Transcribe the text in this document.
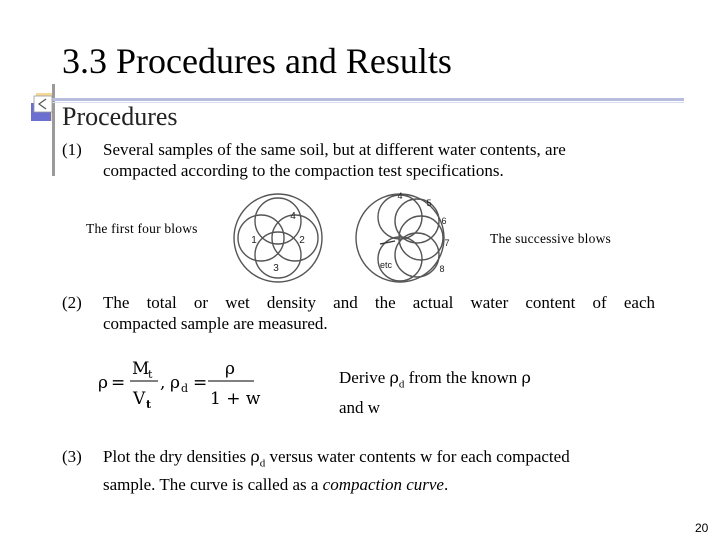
3.3 Procedures and Results
Procedures
(1) Several samples of the same soil, but at different water contents, are
compacted according to the compaction test specifications.
The first four blows
The successive blows
1	2
3
4
4
5
6
7
8
etc
(2) The total or wet density and the actual water content of each
compacted sample are measured.
ρ =
M
t
V t
, ρ d =
ρ
1 + w
Derive $\rho_d$ from the known ρ
and w
(3) Plot the dry densities $\rho_d$ versus water contents w for each compacted
sample. The curve is called as a compaction curve.
20
